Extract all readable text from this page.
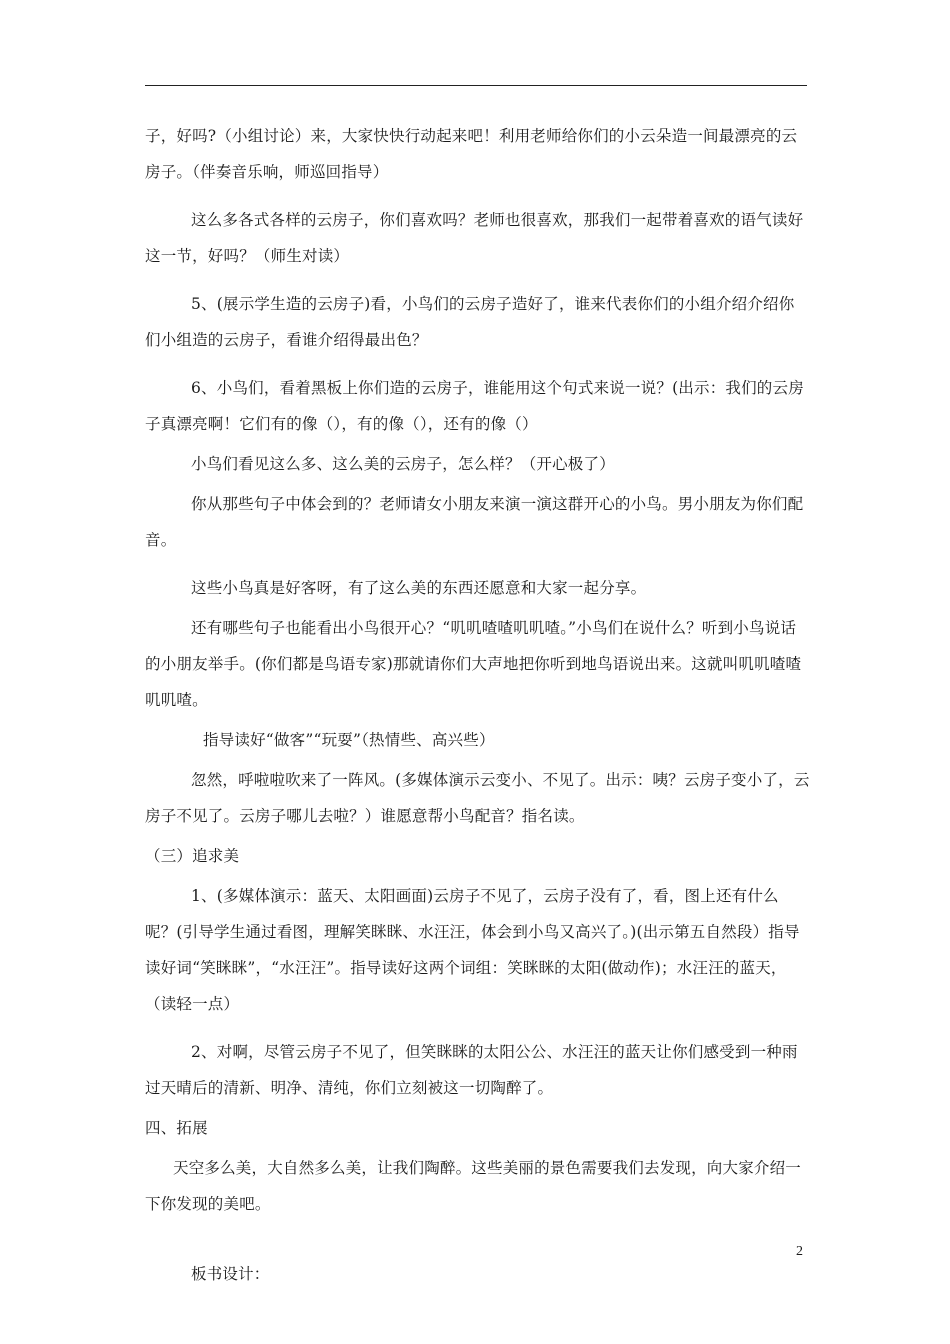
子，好吗?（小组讨论）来，大家快快行动起来吧！利用老师给你们的小云朵造一间最漂亮的云房子。（伴奏音乐响，师巡回指导）

这么多各式各样的云房子，你们喜欢吗？老师也很喜欢，那我们一起带着喜欢的语气读好这一节，好吗？（师生对读）

5、(展示学生造的云房子)看，小鸟们的云房子造好了，谁来代表你们的小组介绍介绍你们小组造的云房子，看谁介绍得最出色？

6、小鸟们，看着黑板上你们造的云房子，谁能用这个句式来说一说？(出示：我们的云房子真漂亮啊！它们有的像（），有的像（），还有的像（）

小鸟们看见这么多、这么美的云房子，怎么样？（开心极了）

你从那些句子中体会到的？老师请女小朋友来演一演这群开心的小鸟。男小朋友为你们配音。

这些小鸟真是好客呀，有了这么美的东西还愿意和大家一起分享。

还有哪些句子也能看出小鸟很开心？“叽叽喳喳叽叽喳。”小鸟们在说什么？听到小鸟说话的小朋友举手。(你们都是鸟语专家)那就请你们大声地把你听到地鸟语说出来。这就叫叽叽喳喳叽叽喳。

指导读好“做客”“玩耍”（热情些、高兴些）

忽然，呼啦啦吹来了一阵风。(多媒体演示云变小、不见了。出示：咦？云房子变小了，云房子不见了。云房子哪儿去啦？）谁愿意帮小鸟配音？指名读。

（三）追求美

1、(多媒体演示：蓝天、太阳画面)云房子不见了，云房子没有了，看，图上还有什么呢？(引导学生通过看图，理解笑眯眯、水汪汪，体会到小鸟又高兴了。)(出示第五自然段）指导读好词“笑眯眯”，“水汪汪”。指导读好这两个词组：笑眯眯的太阳(做动作)；水汪汪的蓝天，（读轻一点）

2、对啊，尽管云房子不见了，但笑眯眯的太阳公公、水汪汪的蓝天让你们感受到一种雨过天晴后的清新、明净、清纯，你们立刻被这一切陶醉了。

四、拓展

天空多么美，大自然多么美，让我们陶醉。这些美丽的景色需要我们去发现，向大家介绍一下你发现的美吧。

板书设计：

2
